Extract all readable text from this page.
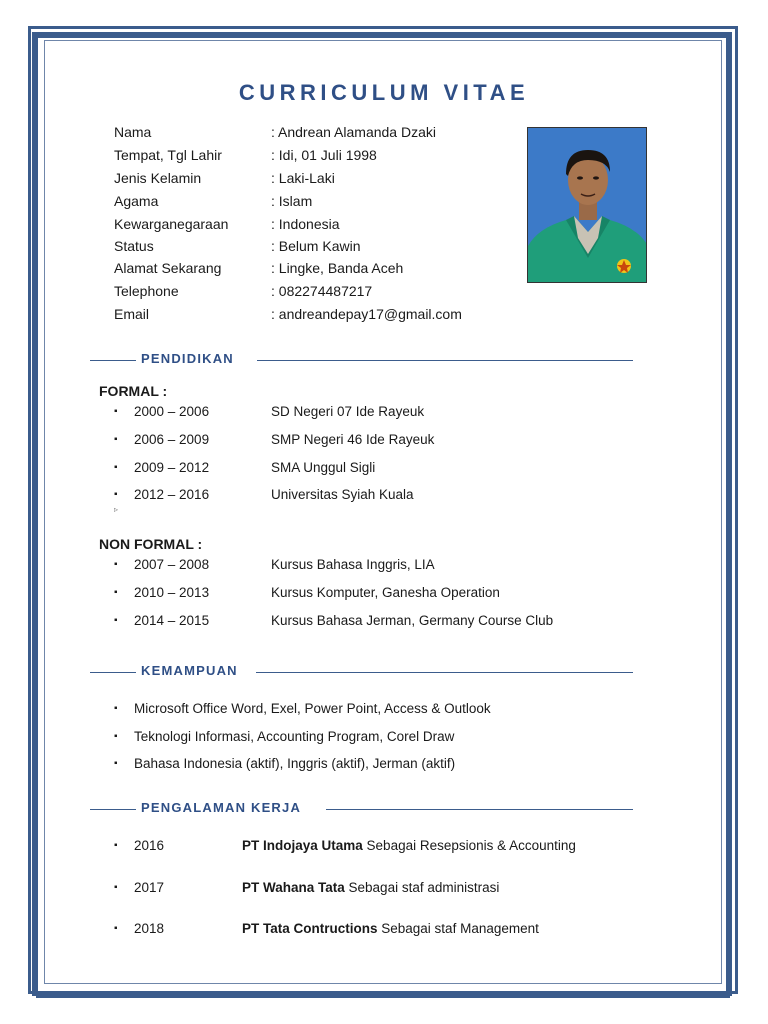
CURRICULUM VITAE
Nama	: Andrean Alamanda Dzaki
Tempat, Tgl Lahir	: Idi, 01 Juli 1998
Jenis Kelamin	: Laki-Laki
Agama	: Islam
Kewarganegaraan	: Indonesia
Status	: Belum Kawin
Alamat Sekarang	: Lingke, Banda Aceh
Telephone	: 082274487217
Email	: andreandepay17@gmail.com
PENDIDIKAN
FORMAL :
▪ 2000 – 2006	SD Negeri 07 Ide Rayeuk
▪ 2006 – 2009	SMP Negeri 46 Ide Rayeuk
▪ 2009 – 2012	SMA Unggul Sigli
▪ 2012 – 2016	Universitas Syiah Kuala
▹
NON FORMAL :
▪ 2007 – 2008	Kursus Bahasa Inggris, LIA
▪ 2010 – 2013	Kursus Komputer, Ganesha Operation
▪ 2014 – 2015	Kursus Bahasa Jerman, Germany Course Club
KEMAMPUAN
▪ Microsoft Office Word, Exel, Power Point, Access & Outlook
▪ Teknologi Informasi, Accounting Program, Corel Draw
▪ Bahasa Indonesia (aktif), Inggris (aktif), Jerman (aktif)
PENGALAMAN KERJA
▪ 2016	PT Indojaya Utama Sebagai Resepsionis & Accounting
▪ 2017	PT Wahana Tata Sebagai staf administrasi
▪ 2018	PT Tata Contructions Sebagai staf Management
